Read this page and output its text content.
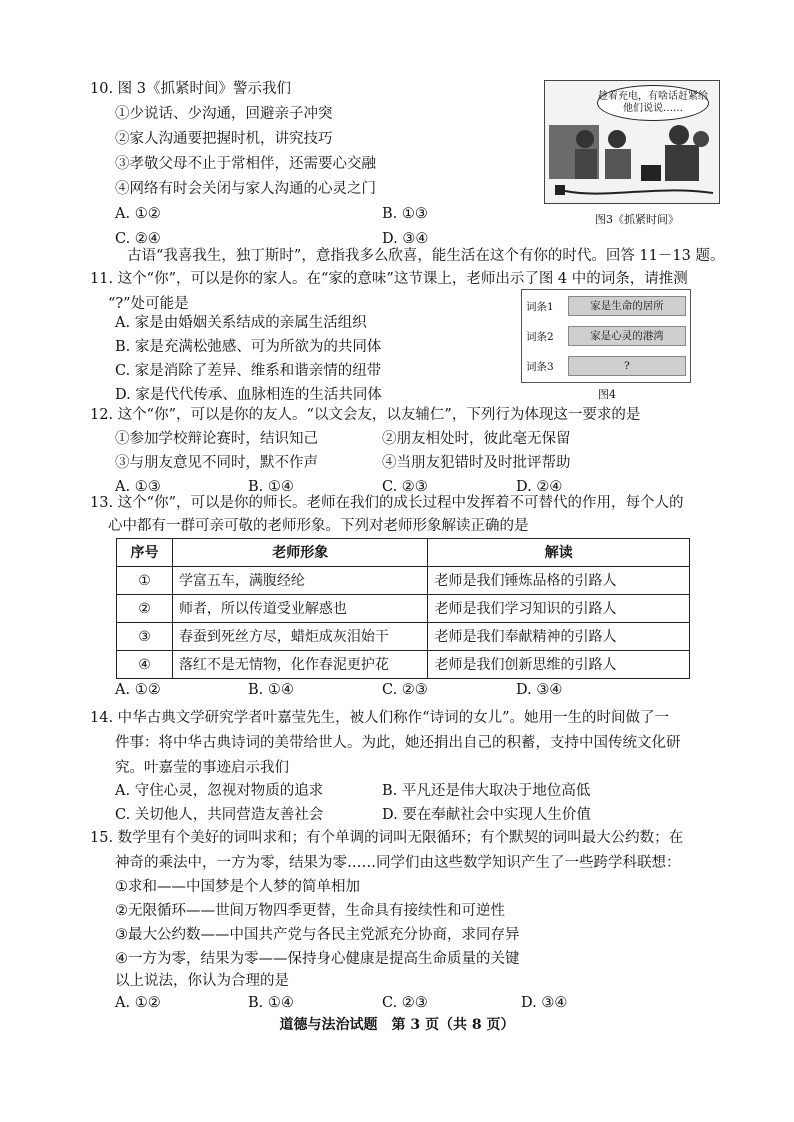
10. 图 3《抓紧时间》警示我们
①少说话、少沟通，回避亲子冲突
②家人沟通要把握时机，讲究技巧
③孝敬父母不止于常相伴，还需要心交融
④网络有时会关闭与家人沟通的心灵之门
A. ①②	B. ①③
C. ②④	D. ③④
趁着充电，有啥话赶紧给他们说说……
图3《抓紧时间》
古语“我喜我生，独丁斯时”，意指我多么欣喜，能生活在这个有你的时代。回答 11－13 题。
11. 这个“你”，可以是你的家人。在“家的意味”这节课上，老师出示了图 4 中的词条，请推测
“?”处可能是
A. 家是由婚姻关系结成的亲属生活组织
B. 家是充满松弛感、可为所欲为的共同体
C. 家是消除了差异、维系和谐亲情的纽带
D. 家是代代传承、血脉相连的生活共同体
词条1	家是生命的居所
词条2	家是心灵的港湾
词条3	?
图4
12. 这个“你”，可以是你的友人。“以文会友，以友辅仁”，下列行为体现这一要求的是
①参加学校辩论赛时，结识知己	②朋友相处时，彼此毫无保留
③与朋友意见不同时，默不作声	④当朋友犯错时及时批评帮助
A. ①③	B. ①④	C. ②③	D. ②④
13. 这个“你”，可以是你的师长。老师在我们的成长过程中发挥着不可替代的作用，每个人的
心中都有一群可亲可敬的老师形象。下列对老师形象解读正确的是
序号	老师形象	解读
①	学富五车，满腹经纶	老师是我们锤炼品格的引路人
②	师者，所以传道受业解惑也	老师是我们学习知识的引路人
③	春蚕到死丝方尽，蜡炬成灰泪始干	老师是我们奉献精神的引路人
④	落红不是无情物，化作春泥更护花	老师是我们创新思维的引路人
A. ①②	B. ①④	C. ②③	D. ③④
14. 中华古典文学研究学者叶嘉莹先生，被人们称作“诗词的女儿”。她用一生的时间做了一
件事：将中华古典诗词的美带给世人。为此，她还捐出自己的积蓄，支持中国传统文化研
究。叶嘉莹的事迹启示我们
A. 守住心灵，忽视对物质的追求	B. 平凡还是伟大取决于地位高低
C. 关切他人，共同营造友善社会	D. 要在奉献社会中实现人生价值
15. 数学里有个美好的词叫求和；有个单调的词叫无限循环；有个默契的词叫最大公约数；在
神奇的乘法中，一方为零，结果为零……同学们由这些数学知识产生了一些跨学科联想：
①求和——中国梦是个人梦的简单相加
②无限循环——世间万物四季更替，生命具有接续性和可逆性
③最大公约数——中国共产党与各民主党派充分协商，求同存异
④一方为零，结果为零——保持身心健康是提高生命质量的关键
以上说法，你认为合理的是
A. ①②	B. ①④	C. ②③	D. ③④
道德与法治试题　第 3 页（共 8 页）
